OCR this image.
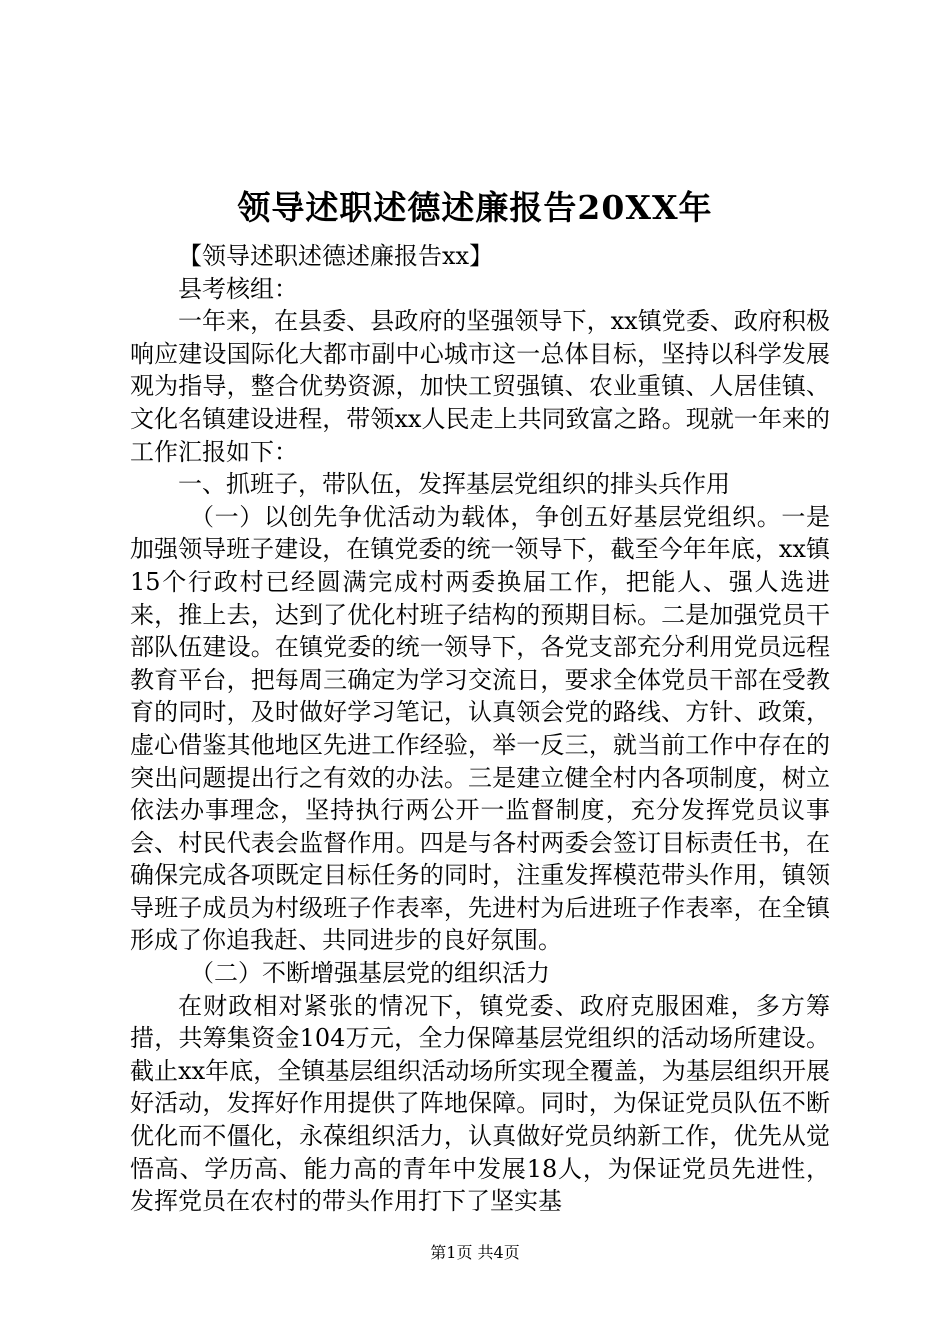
领导述职述德述廉报告20XX年

【领导述职述德述廉报告xx】

县考核组：

一年来，在县委、县政府的坚强领导下，xx镇党委、政府积极响应建设国际化大都市副中心城市这一总体目标，坚持以科学发展观为指导，整合优势资源，加快工贸强镇、农业重镇、人居佳镇、文化名镇建设进程，带领xx人民走上共同致富之路。现就一年来的工作汇报如下：

一、抓班子，带队伍，发挥基层党组织的排头兵作用

（一）以创先争优活动为载体，争创五好基层党组织。一是加强领导班子建设，在镇党委的统一领导下，截至今年年底，xx镇15个行政村已经圆满完成村两委换届工作，把能人、强人选进来，推上去，达到了优化村班子结构的预期目标。二是加强党员干部队伍建设。在镇党委的统一领导下，各党支部充分利用党员远程教育平台，把每周三确定为学习交流日，要求全体党员干部在受教育的同时，及时做好学习笔记，认真领会党的路线、方针、政策，虚心借鉴其他地区先进工作经验，举一反三，就当前工作中存在的突出问题提出行之有效的办法。三是建立健全村内各项制度，树立依法办事理念，坚持执行两公开一监督制度，充分发挥党员议事会、村民代表会监督作用。四是与各村两委会签订目标责任书，在确保完成各项既定目标任务的同时，注重发挥模范带头作用，镇领导班子成员为村级班子作表率，先进村为后进班子作表率，在全镇形成了你追我赶、共同进步的良好氛围。

（二）不断增强基层党的组织活力

在财政相对紧张的情况下，镇党委、政府克服困难，多方筹措，共筹集资金104万元，全力保障基层党组织的活动场所建设。截止xx年底，全镇基层组织活动场所实现全覆盖，为基层组织开展好活动，发挥好作用提供了阵地保障。同时，为保证党员队伍不断优化而不僵化，永葆组织活力，认真做好党员纳新工作，优先从觉悟高、学历高、能力高的青年中发展18人，为保证党员先进性，发挥党员在农村的带头作用打下了坚实基

第1页 共4页
